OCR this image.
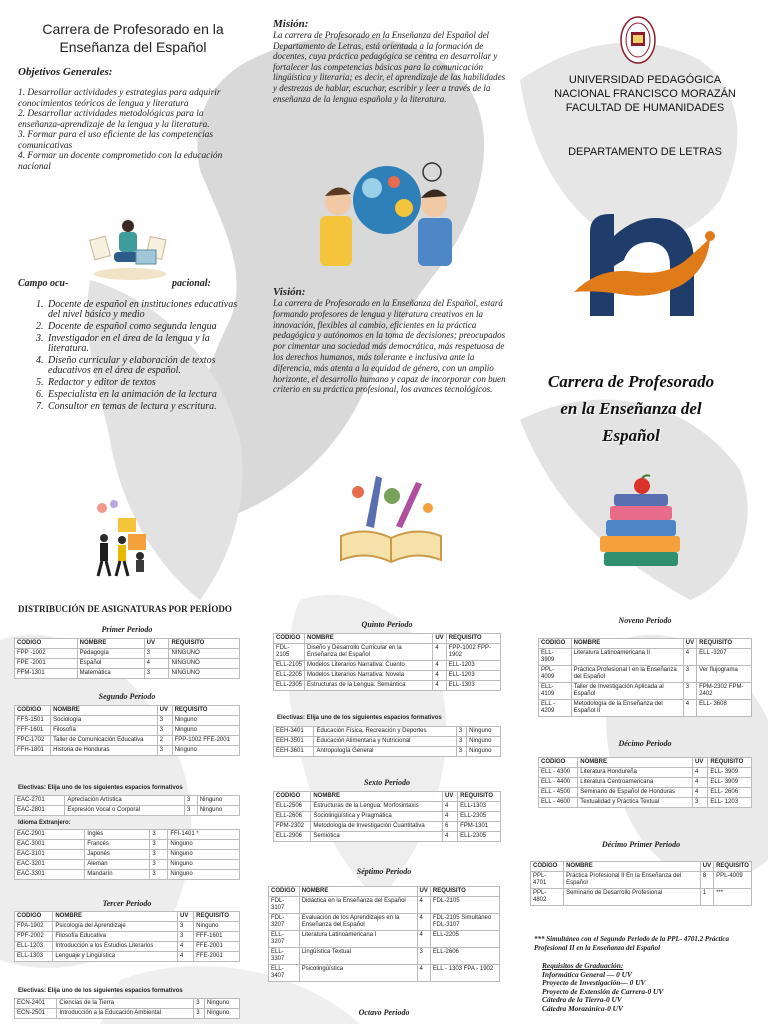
Carrera de Profesorado en la Enseñanza del Español
Objetivos Generales:

1. Desarrollar actividades y estrategias para adquirir conocimientos teóricos de lengua y literatura

2. Desarrollar actividades metodológicas para la enseñanza-aprendizaje de la lengua y la literatura.

3. Formar para el uso eficiente de las competencias comunicativas

4. Formar un docente comprometido con la educación nacional

Campo ocu-	pacional:
1. Docente de español en instituciones educativas del nivel básico y medio
2. Docente de español como segunda lengua
3. Investigador en el área de la lengua y la literatura.
4. Diseño curricular y elaboración de textos educativos en el área de español.
5. Redactor y editor de textos
6. Especialista en la animación de la lectura
7. Consultor en temas de lectura y escritura.
Misión:
La carrera de Profesorado en la Enseñanza del Español del Departamento de Letras, está orientada a la formación de docentes, cuya práctica pedagógica se centra en desarrollar y fortalecer las competencias básicas para la comunicación lingüística y literaria; es decir, el aprendizaje de las habilidades y destrezas de hablar, escuchar, escribir y leer a través de la enseñanza de la lengua española y la literatura.
Visión:
La carrera de Profesorado en la Enseñanza del Español, estará formando profesores de lengua y literatura creativos en la innovación, flexibles al cambio, eficientes en la práctica pedagógica y autónomos en la toma de decisiones; preocupados por cimentar una sociedad más democrática, más respetuosa de los derechos humanos, más tolerante e inclusiva ante la diferencia, más atenta a la equidad de género, con un amplio horizonte, el desarrollo humano y capaz de incorporar con buen criterio en su práctica profesional, los avances tecnológicos.
UNIVERSIDAD PEDAGÓGICA
NACIONAL FRANCISCO MORAZÁN
FACULTAD DE HUMANIDADES
DEPARTAMENTO DE LETRAS
Carrera de Profesorado
en la Enseñanza del
Español
DISTRIBUCIÓN DE ASIGNATURAS POR PERÍODO
Primer Periodo
CODIGO	NOMBRE	UV	REQUISITO
FPP -1002	Pedagogía	3	NINGUNO
FPE -2001	Español	4	NINGUNO
FFM-1301	Matemática	3	NINGUNO
Segundo Periodo
CODIGO	NOMBRE	UV	REQUISITO
FFS-1501	Sociología	3	Ninguno
FFF-1601	Filosofía	3	Ninguno
FPC-1702	Taller de Comunicación Educativa	2	FPP-1002 FFE-2001
FFH-1801	Historia de Honduras	3	Ninguno
Electivas: Elija uno de los siguientes espacios formativos
EAC-2701	Apreciación Artística	3	Ninguno
EAC-2801	Expresión Vocal o Corporal	3	Ninguno
Idioma Extranjero:
EAC-2901	Inglés	3	FFI-1401 *
EAC-3001	Francés	3	Ninguno
EAC-3101	Japonés	3	Ninguno
EAC-3201	Alemán	3	Ninguno
EAC-3301	Mandarín	3	Ninguno
Tercer Periodo
CODIGO	NOMBRE	UV	REQUISITO
FPA-1902	Psicología del Aprendizaje	3	Ninguno
FPF-2002	Filosofía Educativa	3	FFF-1601
ELL-1203	Introducción a los Estudios Literarios	4	FFE-2001
ELL-1303	Lenguaje y Lingüística	4	FFE-2001
Electivas: Elija uno de los siguientes espacios formativos
ECN-2401	Ciencias de la Tierra	3	Ninguno
ECN-2501	Introducción a la Educación Ambiental	3	Ninguno
Quinto Periodo
CODIGO	NOMBRE	UV	REQUISITO
FDL-2105	Diseño y Desarrollo Curricular en la Enseñanza del Español	4	FPP-1002 FPP-1902
ELL-2105	Modelos Literarios Narrativa: Cuento	4	ELL-1203
ELL-2205	Modelos Literarios Narrativa: Novela	4	ELL-1203
ELL-2305	Estructuras de la Lengua: Semántica	4	ELL-1303
Electivas: Elija uno de los siguientes espacios formativos
EEH-3401	Educación Física, Recreación y Deportes	3	Ninguno
EEH-3501	Educación Alimentaria y Nutricional	3	Ninguno
EEH-3601	Antropología General	3	Ninguno
Sexto Periodo
CODIGO	NOMBRE	UV	REQUISITO
ELL-2506	Estructuras de la Lengua: Morfosintaxis	4	ELL-1303
ELL-2606	Sociolingüística y Pragmática	4	ELL-2305
FPM-2302	Metodología de Investigación Cuantitativa	6	FPM-1301
ELL-2906	Semiótica	4	ELL-2305
Séptimo Periodo
CODIGO	NOMBRE	UV	REQUISITO
FDL-3107	Didáctica en la Enseñanza del Español	4	FDL-2105
FDL-3207	Evaluación de los Aprendizajes en la Enseñanza del Español	4	FDL-2105 Simultáneo FDL-3107
ELL-3207	Literatura Latinoamericana I	4	ELL-2205
ELL-3307	Lingüística Textual	3	ELL-2606
ELL-3407	Psicolingüística	4	ELL - 1303 FPA - 1902
Octavo Periodo
Noveno Periodo
CODIGO	NOMBRE	UV	REQUISITO
ELL- 3909	Literatura Latinoamericana II	4	ELL -3207
PPL- 4009	Práctica Profesional I en la Enseñanza del Español	3	Ver flujograma
ELL- 4109	Taller de Investigación Aplicada al Español	3	FPM-2302 FPM-2402
ELL - 4209	Metodología de la Enseñanza del Español II	4	ELL- 3608
Décimo Periodo
CODIGO	NOMBRE	UV	REQUISITO
ELL - 4300	Literatura Hondureña	4	ELL- 3909
ELL - 4400	Literatura Centroamericana	4	ELL- 3909
ELL - 4500	Seminario de Español de Honduras	4	ELL- 2606
ELL - 4600	Textualidad y Práctica Textual	3	ELL- 1203
Décimo Primer Periodo
CODIGO	NOMBRE	UV	REQUISITO
PPL- 4701	Práctica Profesional II En la Enseñanza del Español	8	PPL-4009
PPL- 4802	Seminario de Desarrollo Profesional	1	***
*** Simultáneo con el Segundo Periodo de la PPL- 4701.2 Práctica Profesional II en la Enseñanza del Español
Requisitos de Graduación:
Informática General — 0 UV
Proyecto de Investigación— 0 UV
Proyecto de Extensión de Carrera-0 UV
Cátedra de la Tierra-0 UV
Cátedra Morazánica-0 UV
